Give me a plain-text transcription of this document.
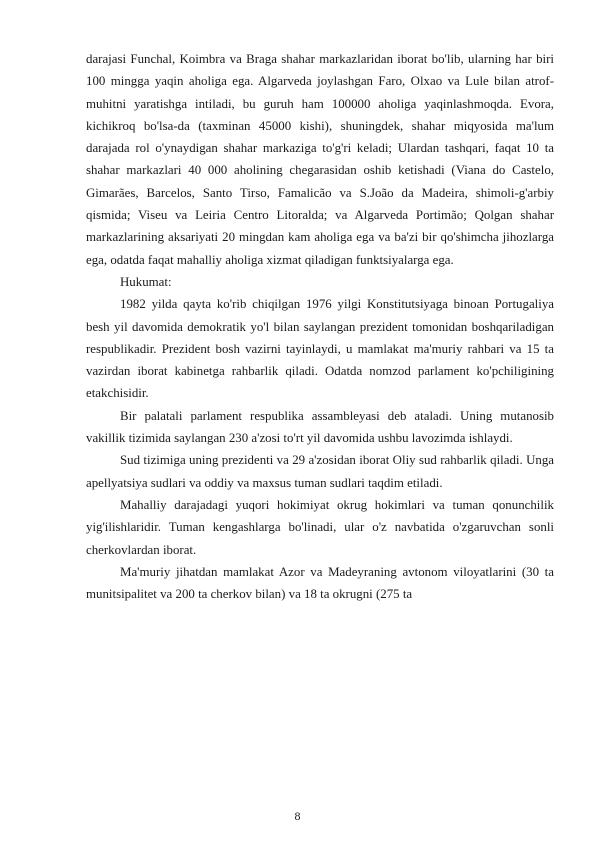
darajasi Funchal, Koimbra va Braga shahar markazlaridan iborat bo'lib, ularning har biri 100 mingga yaqin aholiga ega. Algarveda joylashgan Faro, Olxao va Lule bilan atrof-muhitni yaratishga intiladi, bu guruh ham 100000 aholiga yaqinlashmoqda. Evora, kichikroq bo'lsa-da (taxminan 45000 kishi), shuningdek, shahar miqyosida ma'lum darajada rol o'ynaydigan shahar markaziga to'g'ri keladi; Ulardan tashqari, faqat 10 ta shahar markazlari 40 000 aholining chegarasidan oshib ketishadi (Viana do Castelo, Gimarães, Barcelos, Santo Tirso, Famalicão va S.João da Madeira, shimoli-g'arbiy qismida; Viseu va Leiria Centro Litoralda; va Algarveda Portimão; Qolgan shahar markazlarining aksariyati 20 mingdan kam aholiga ega va ba'zi bir qo'shimcha jihozlarga ega, odatda faqat mahalliy aholiga xizmat qiladigan funktsiyalarga ega.

Hukumat:

1982 yilda qayta ko'rib chiqilgan 1976 yilgi Konstitutsiyaga binoan Portugaliya besh yil davomida demokratik yo'l bilan saylangan prezident tomonidan boshqariladigan respublikadir. Prezident bosh vazirni tayinlaydi, u mamlakat ma'muriy rahbari va 15 ta vazirdan iborat kabinetga rahbarlik qiladi. Odatda nomzod parlament ko'pchiligining etakchisidir.

Bir palatali parlament respublika assambleyasi deb ataladi. Uning mutanosib vakillik tizimida saylangan 230 a'zosi to'rt yil davomida ushbu lavozimda ishlaydi.

Sud tizimiga uning prezidenti va 29 a'zosidan iborat Oliy sud rahbarlik qiladi. Unga apellyatsiya sudlari va oddiy va maxsus tuman sudlari taqdim etiladi.

Mahalliy darajadagi yuqori hokimiyat okrug hokimlari va tuman qonunchilik yig'ilishlaridir. Tuman kengashlarga bo'linadi, ular o'z navbatida o'zgaruvchan sonli cherkovlardan iborat.

Ma'muriy jihatdan mamlakat Azor va Madeyraning avtonom viloyatlarini (30 ta munitsipalitet va 200 ta cherkov bilan) va 18 ta okrugni (275 ta

8
